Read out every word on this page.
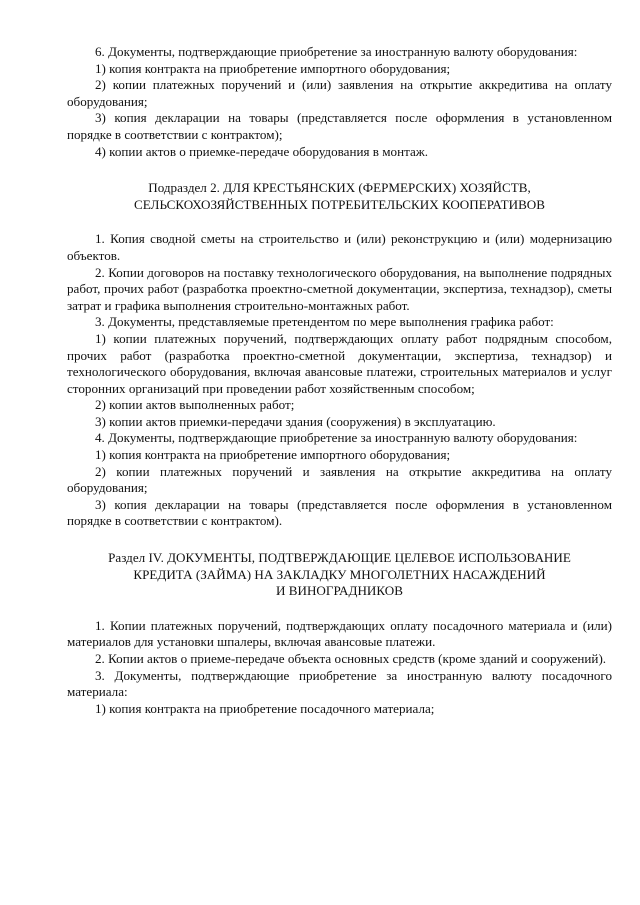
6. Документы, подтверждающие приобретение за иностранную валюту оборудования:

1) копия контракта на приобретение импортного оборудования;

2) копии платежных поручений и (или) заявления на открытие аккредитива на оплату оборудования;

3) копия декларации на товары (представляется после оформления в установленном порядке в соответствии с контрактом);

4) копии актов о приемке-передаче оборудования в монтаж.

Подраздел 2. ДЛЯ КРЕСТЬЯНСКИХ (ФЕРМЕРСКИХ) ХОЗЯЙСТВ,
СЕЛЬСКОХОЗЯЙСТВЕННЫХ ПОТРЕБИТЕЛЬСКИХ КООПЕРАТИВОВ

1. Копия сводной сметы на строительство и (или) реконструкцию и (или) модернизацию объектов.

2. Копии договоров на поставку технологического оборудования, на выполнение подрядных работ, прочих работ (разработка проектно-сметной документации, экспертиза, технадзор), сметы затрат и графика выполнения строительно-монтажных работ.

3. Документы, представляемые претендентом по мере выполнения графика работ:

1) копии платежных поручений, подтверждающих оплату работ подрядным способом, прочих работ (разработка проектно-сметной документации, экспертиза, технадзор) и технологического оборудования, включая авансовые платежи, строительных материалов и услуг сторонних организаций при проведении работ хозяйственным способом;

2) копии актов выполненных работ;

3) копии актов приемки-передачи здания (сооружения) в эксплуатацию.

4. Документы, подтверждающие приобретение за иностранную валюту оборудования:

1) копия контракта на приобретение импортного оборудования;

2) копии платежных поручений и заявления на открытие аккредитива на оплату оборудования;

3) копия декларации на товары (представляется после оформления в установленном порядке в соответствии с контрактом).

Раздел IV. ДОКУМЕНТЫ, ПОДТВЕРЖДАЮЩИЕ ЦЕЛЕВОЕ ИСПОЛЬЗОВАНИЕ
КРЕДИТА (ЗАЙМА) НА ЗАКЛАДКУ МНОГОЛЕТНИХ НАСАЖДЕНИЙ
И ВИНОГРАДНИКОВ

1. Копии платежных поручений, подтверждающих оплату посадочного материала и (или) материалов для установки шпалеры, включая авансовые платежи.

2. Копии актов о приеме-передаче объекта основных средств (кроме зданий и сооружений).

3. Документы, подтверждающие приобретение за иностранную валюту посадочного материала:

1) копия контракта на приобретение посадочного материала;
